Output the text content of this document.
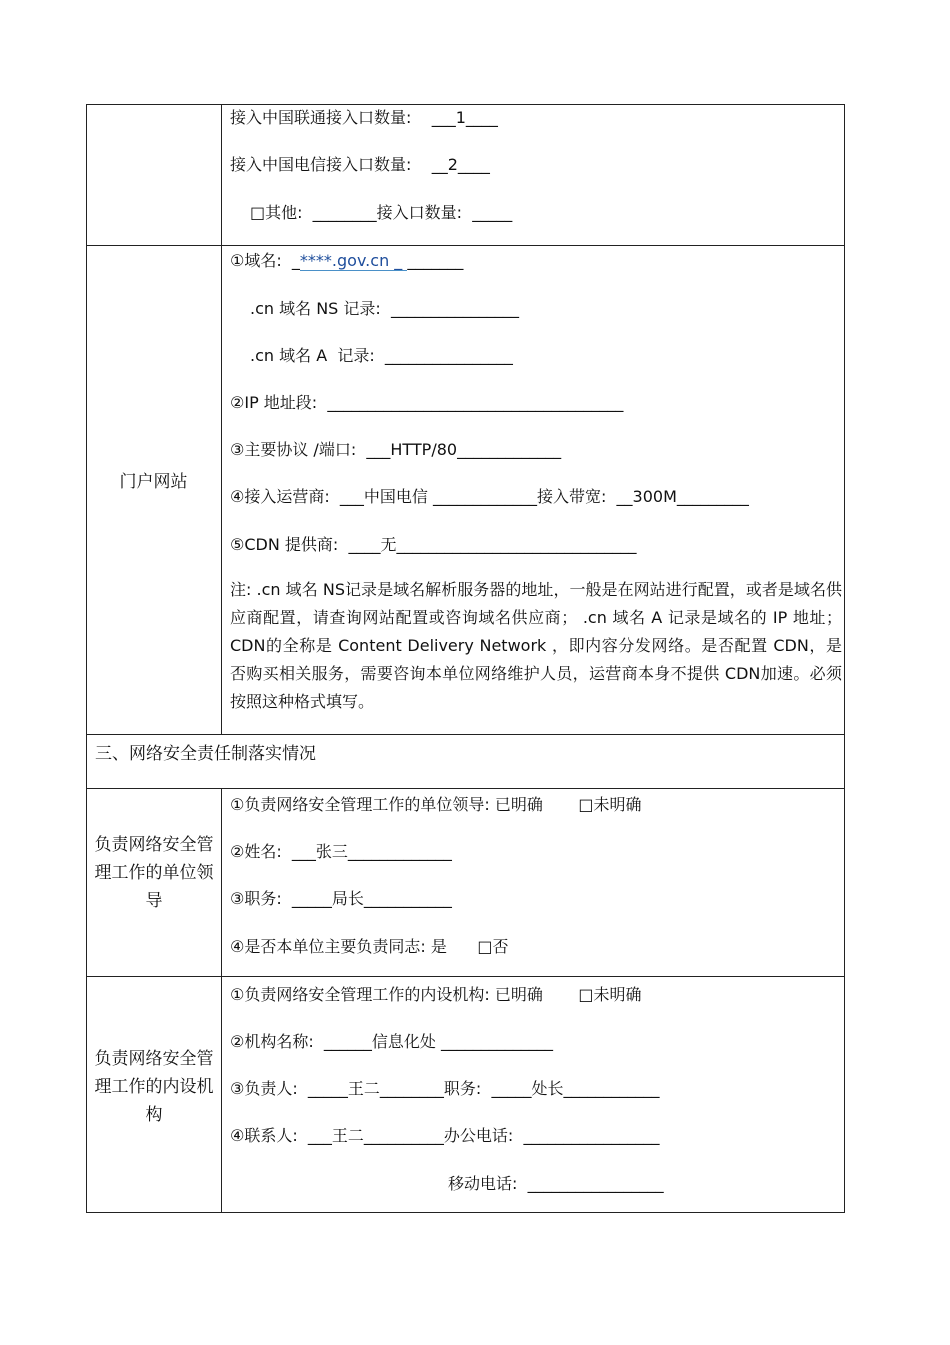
接入中国联通接入口数量:    ___1____
接入中国电信接入口数量:    __2____
□其他:  ________接入口数量:  _____
门户网站
①域名:  _****.gov.cn _ _______
.cn 域名 NS 记录:  ________________
.cn 域名 A  记录:  ________________
②IP 地址段:  _____________________________________
③主要协议 /端口:  ___HTTP/80_____________
④接入运营商:  ___中国电信 _____________接入带宽:  __300M_________
⑤CDN 提供商:  ____无______________________________
注: .cn 域名 NS记录是域名解析服务器的地址，一般是在网站进行配置，或者是域名供应商配置，请查询网站配置或咨询域名供应商； .cn 域名 A 记录是域名的 IP 地址；CDN的全称是 Content Delivery Network ，即内容分发网络。是否配置 CDN，是否购买相关服务，需要咨询本单位网络维护人员，运营商本身不提供 CDN加速。必须按照这种格式填写。
三、网络安全责任制落实情况
负责网络安全管理工作的单位领导
①负责网络安全管理工作的单位领导: 已明确       □未明确
②姓名:  ___张三_____________
③职务:  _____局长___________
④是否本单位主要负责同志: 是      □否
负责网络安全管理工作的内设机构
①负责网络安全管理工作的内设机构: 已明确       □未明确
②机构名称:  ______信息化处 ______________
③负责人:  _____王二________职务:  _____处长____________
④联系人:  ___王二__________办公电话:  _________________
移动电话:  _________________
